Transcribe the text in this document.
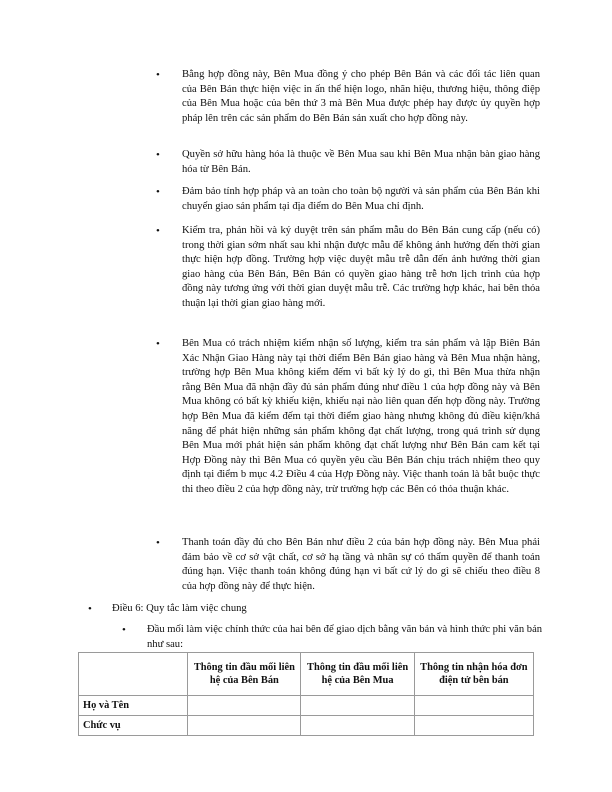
• Bằng hợp đồng này, Bên Mua đồng ý cho phép Bên Bán và các đối tác liên quan của Bên Bán thực hiện việc in ấn thể hiện logo, nhãn hiệu, thương hiệu, thông điệp của Bên Mua hoặc của bên thứ 3 mà Bên Mua được phép hay được ủy quyền hợp pháp lên trên các sản phẩm do Bên Bán sản xuất cho hợp đồng này.

• Quyền sở hữu hàng hóa là thuộc về Bên Mua sau khi Bên Mua nhận bàn giao hàng hóa từ Bên Bán.

• Đảm bảo tính hợp pháp và an toàn cho toàn bộ người và sản phẩm của Bên Bán khi chuyển giao sản phẩm tại địa điểm do Bên Mua chỉ định.

• Kiểm tra, phản hồi và ký duyệt trên sản phẩm mẫu do Bên Bán cung cấp (nếu có) trong thời gian sớm nhất sau khi nhận được mẫu để không ảnh hưởng đến thời gian thực hiện hợp đồng. Trường hợp việc duyệt mẫu trễ dẫn đến ảnh hưởng thời gian giao hàng của Bên Bán, Bên Bán có quyền giao hàng trễ hơn lịch trình của hợp đồng này tương ứng với thời gian duyệt mẫu trễ. Các trường hợp khác, hai bên thỏa thuận lại thời gian giao hàng mới.

• Bên Mua có trách nhiệm kiểm nhận số lượng, kiểm tra sản phẩm và lập Biên Bản Xác Nhận Giao Hàng này tại thời điểm Bên Bán giao hàng và Bên Mua nhận hàng, trường hợp Bên Mua không kiểm đếm vì bất kỳ lý do gì, thì Bên Mua thừa nhận rằng Bên Mua đã nhận đầy đủ sản phẩm đúng như điều 1 của hợp đồng này và Bên Mua không có bất kỳ khiếu kiện, khiếu nại nào liên quan đến hợp đồng này. Trường hợp Bên Mua đã kiểm đếm tại thời điểm giao hàng nhưng không đủ điều kiện/khả năng để phát hiện những sản phẩm không đạt chất lượng, trong quá trình sử dụng Bên Mua mới phát hiện sản phẩm không đạt chất lượng như Bên Bán cam kết tại Hợp Đồng này thì Bên Mua có quyền yêu cầu Bên Bán chịu trách nhiệm theo quy định tại điểm b mục 4.2 Điều 4 của Hợp Đồng này. Việc thanh toán là bắt buộc thực thi theo điều 2 của hợp đồng này, trừ trường hợp các Bên có thỏa thuận khác.

• Thanh toán đầy đủ cho Bên Bán như điều 2 của bản hợp đồng này. Bên Mua phải đảm bảo về cơ sở vật chất, cơ sở hạ tầng và nhân sự có thẩm quyền để thanh toán đúng hạn. Việc thanh toán không đúng hạn vì bất cứ lý do gì sẽ chiếu theo điều 8 của hợp đồng này để thực hiện.

• Điều 6: Quy tắc làm việc chung

• Đầu mối làm việc chính thức của hai bên để giao dịch bằng văn bản và hình thức phi văn bản như sau:

	Thông tin đầu mối liên hệ của Bên Bán	Thông tin đầu mối liên hệ của Bên Mua	Thông tin nhận hóa đơn điện tử bên bán
Họ và Tên			
Chức vụ			
